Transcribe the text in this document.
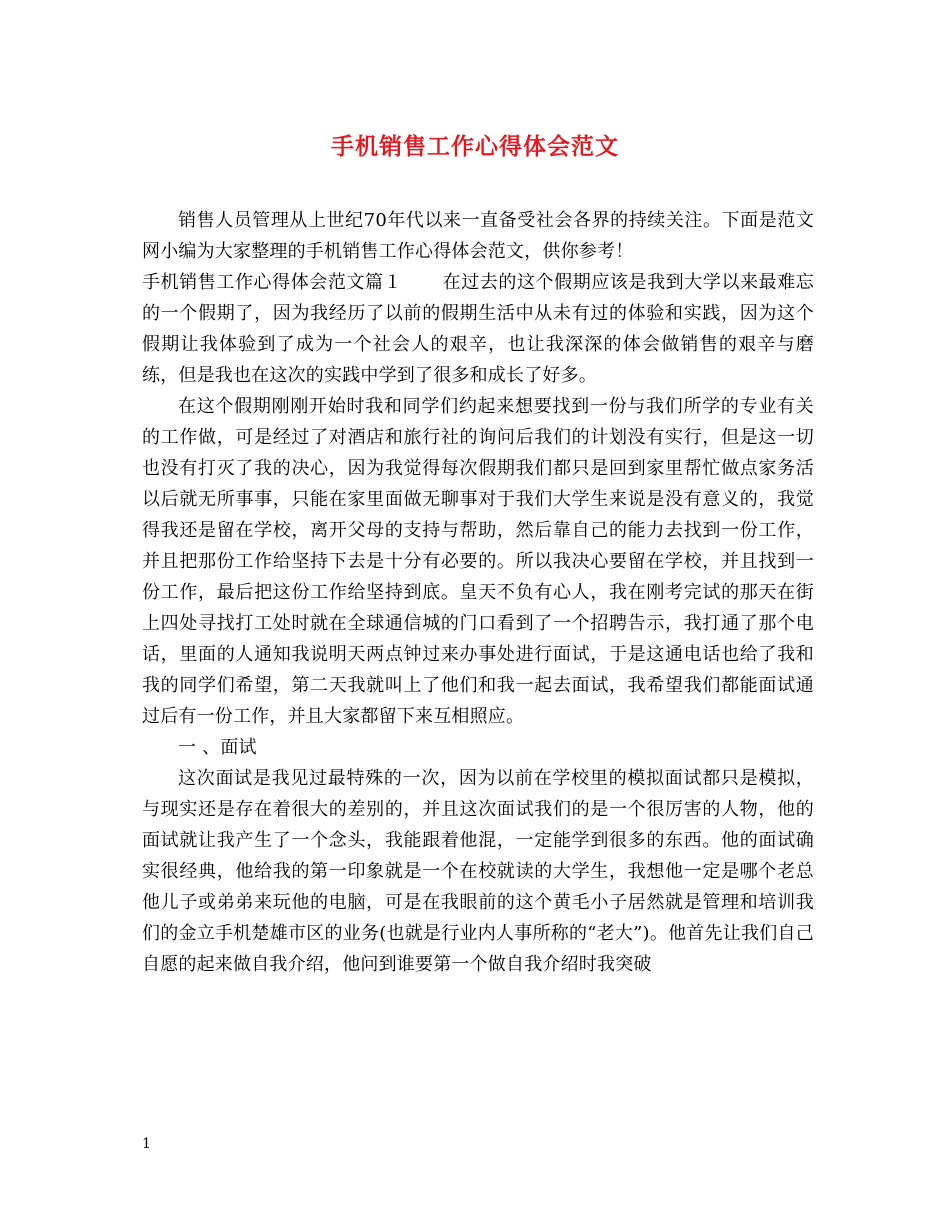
手机销售工作心得体会范文

销售人员管理从上世纪70年代以来一直备受社会各界的持续关注。下面是范文网小编为大家整理的手机销售工作心得体会范文，供你参考！

手机销售工作心得体会范文篇１ 在过去的这个假期应该是我到大学以来最难忘的一个假期了，因为我经历了以前的假期生活中从未有过的体验和实践，因为这个假期让我体验到了成为一个社会人的艰辛，也让我深深的体会做销售的艰辛与磨练，但是我也在这次的实践中学到了很多和成长了好多。

在这个假期刚刚开始时我和同学们约起来想要找到一份与我们所学的专业有关的工作做，可是经过了对酒店和旅行社的询问后我们的计划没有实行，但是这一切也没有打灭了我的决心，因为我觉得每次假期我们都只是回到家里帮忙做点家务活以后就无所事事，只能在家里面做无聊事对于我们大学生来说是没有意义的，我觉得我还是留在学校，离开父母的支持与帮助，然后靠自己的能力去找到一份工作，并且把那份工作给坚持下去是十分有必要的。所以我决心要留在学校，并且找到一份工作，最后把这份工作给坚持到底。皇天不负有心人，我在刚考完试的那天在街上四处寻找打工处时就在全球通信城的门口看到了一个招聘告示，我打通了那个电话，里面的人通知我说明天两点钟过来办事处进行面试，于是这通电话也给了我和我的同学们希望，第二天我就叫上了他们和我一起去面试，我希望我们都能面试通过后有一份工作，并且大家都留下来互相照应。

一 、面试

这次面试是我见过最特殊的一次，因为以前在学校里的模拟面试都只是模拟，与现实还是存在着很大的差别的，并且这次面试我们的是一个很厉害的人物，他的面试就让我产生了一个念头，我能跟着他混，一定能学到很多的东西。他的面试确实很经典，他给我的第一印象就是一个在校就读的大学生，我想他一定是哪个老总他儿子或弟弟来玩他的电脑，可是在我眼前的这个黄毛小子居然就是管理和培训我们的金立手机楚雄市区的业务(也就是行业内人事所称的“老大”)。他首先让我们自己自愿的起来做自我介绍，他问到谁要第一个做自我介绍时我突破

1
